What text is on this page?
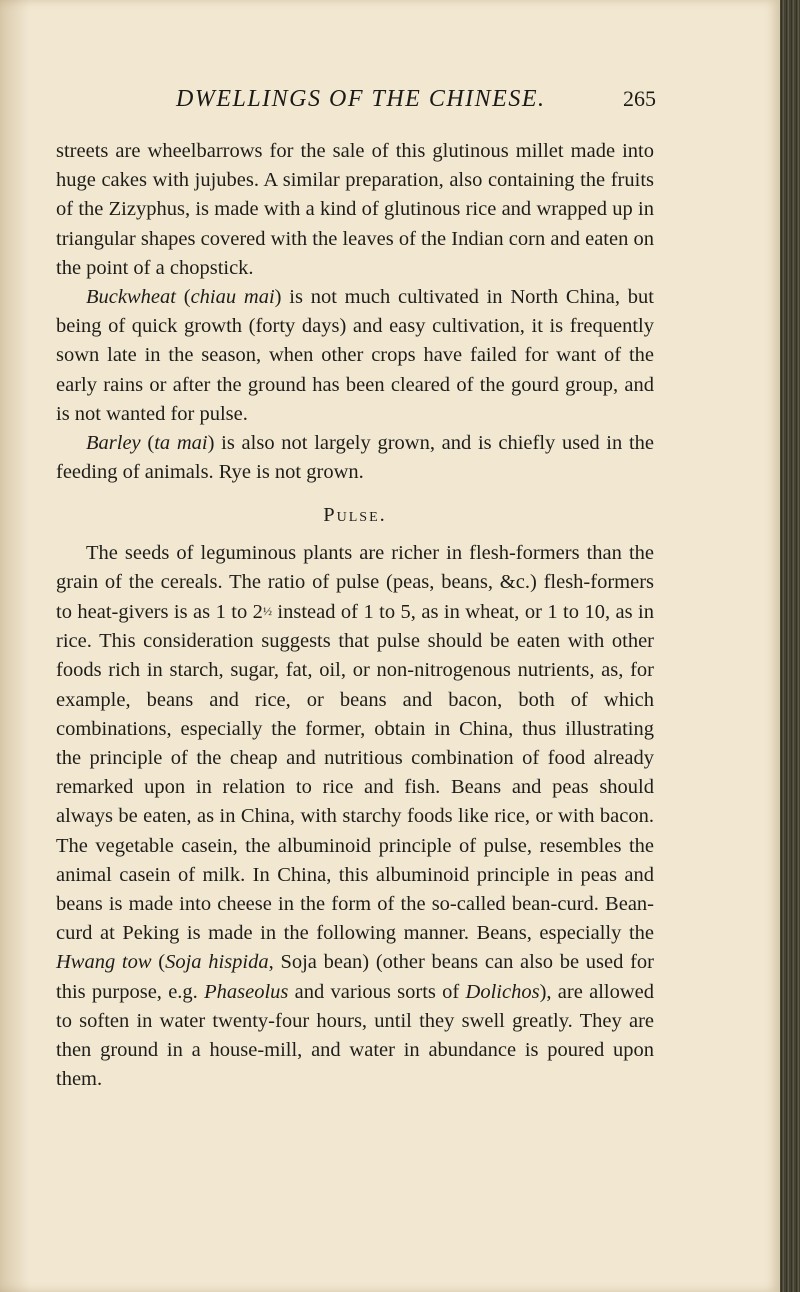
DWELLINGS OF THE CHINESE.	265

streets are wheelbarrows for the sale of this glutinous millet made into huge cakes with jujubes. A similar preparation, also containing the fruits of the Zizyphus, is made with a kind of glutinous rice and wrapped up in triangular shapes covered with the leaves of the Indian corn and eaten on the point of a chopstick.

Buckwheat (chiau mai) is not much cultivated in North China, but being of quick growth (forty days) and easy cultivation, it is frequently sown late in the season, when other crops have failed for want of the early rains or after the ground has been cleared of the gourd group, and is not wanted for pulse.

Barley (ta mai) is also not largely grown, and is chiefly used in the feeding of animals. Rye is not grown.

Pulse.

The seeds of leguminous plants are richer in flesh-formers than the grain of the cereals. The ratio of pulse (peas, beans, &c.) flesh-formers to heat-givers is as 1 to 2½ instead of 1 to 5, as in wheat, or 1 to 10, as in rice. This consideration suggests that pulse should be eaten with other foods rich in starch, sugar, fat, oil, or non-nitrogenous nutrients, as, for example, beans and rice, or beans and bacon, both of which combinations, especially the former, obtain in China, thus illustrating the principle of the cheap and nutritious combination of food already remarked upon in relation to rice and fish. Beans and peas should always be eaten, as in China, with starchy foods like rice, or with bacon. The vegetable casein, the albuminoid principle of pulse, resembles the animal casein of milk. In China, this albuminoid principle in peas and beans is made into cheese in the form of the so-called bean-curd. Bean-curd at Peking is made in the following manner. Beans, especially the Hwang tow (Soja hispida, Soja bean) (other beans can also be used for this purpose, e.g. Phaseolus and various sorts of Dolichos), are allowed to soften in water twenty-four hours, until they swell greatly. They are then ground in a house-mill, and water in abundance is poured upon them.
